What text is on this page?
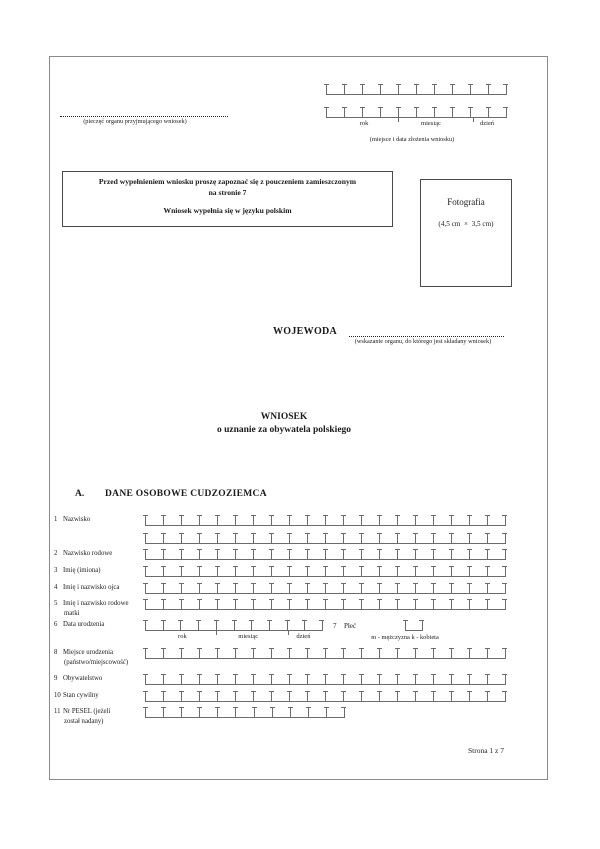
(pieczęć organu przyjmującego wniosek)	rok	miesiąc	dzień
(miejsce i data złożenia wniosku)
Przed wypełnieniem wniosku proszę zapoznać się z pouczeniem zamieszczonym
na stronie 7
Wniosek wypełnia się w języku polskim
Fotografia
(4,5 cm  ×  3,5 cm)
WOJEWODA
(wskazanie organu, do którego jest składany wniosek)
WNIOSEK
o uznanie za obywatela polskiego
A. DANE OSOBOWE CUDZOZIEMCA
1 Nazwisko
2 Nazwisko rodowe
3 Imię (imiona)
4 Imię i nazwisko ojca
5 Imię i nazwisko rodowe
matki
6 Data urodzenia
rok	miesiąc	dzień
8 Miejsce urodzenia
(państwo/miejscowość)
9 Obywatelstwo
10 Stan cywilny
11 Nr PESEL (jeżeli
został nadany)
7 Płeć
m - mężczyzna k - kobieta
Strona 1 z 7
